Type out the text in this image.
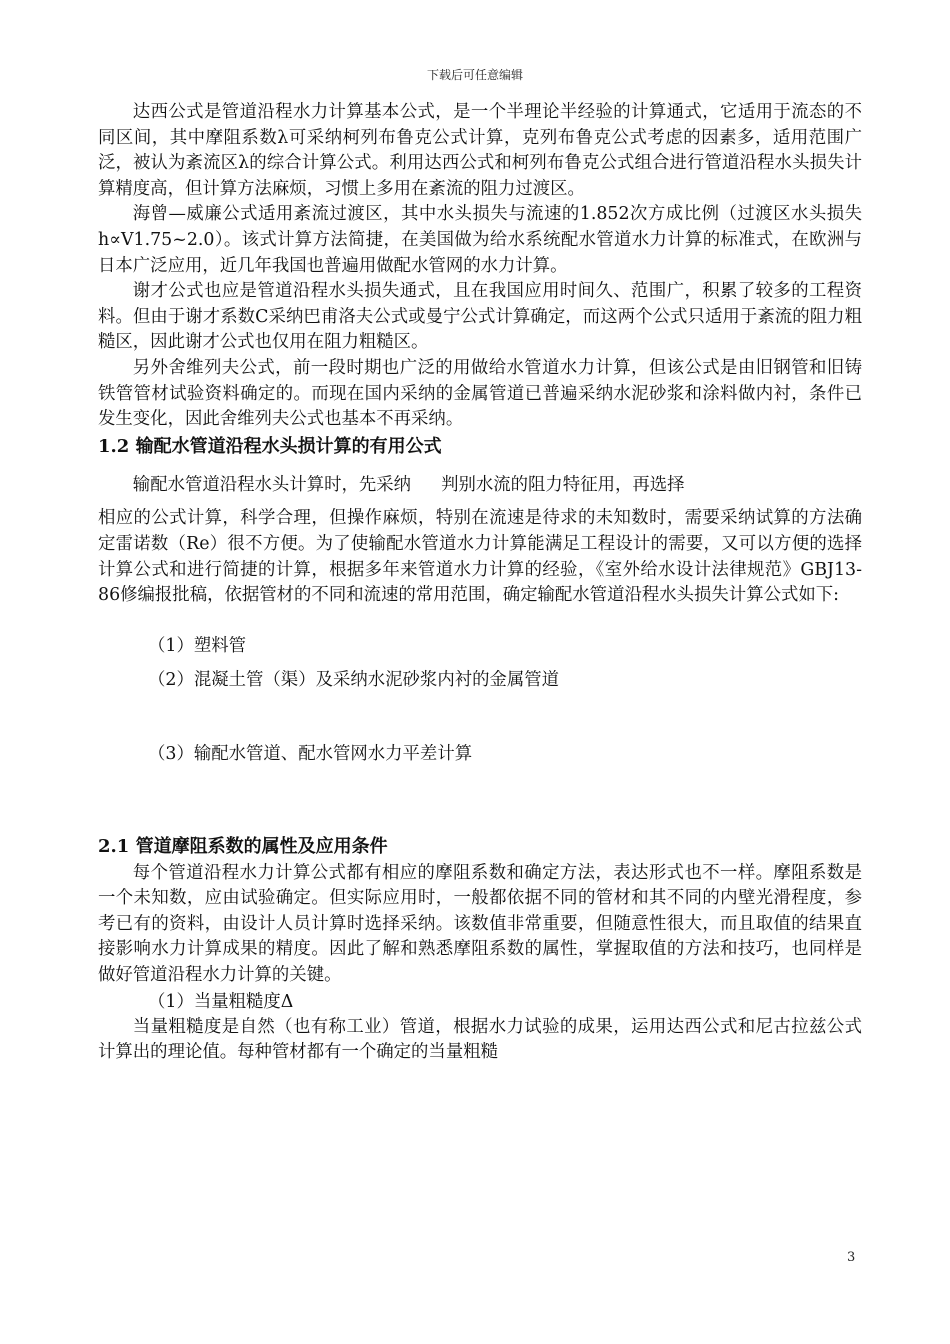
下载后可任意编辑

达西公式是管道沿程水力计算基本公式，是一个半理论半经验的计算通式，它适用于流态的不同区间，其中摩阻系数λ可采纳柯列布鲁克公式计算，克列布鲁克公式考虑的因素多，适用范围广泛，被认为紊流区λ的综合计算公式。利用达西公式和柯列布鲁克公式组合进行管道沿程水头损失计算精度高，但计算方法麻烦，习惯上多用在紊流的阻力过渡区。

海曾—威廉公式适用紊流过渡区，其中水头损失与流速的1.852次方成比例（过渡区水头损失h∝V1.75~2.0）。该式计算方法简捷，在美国做为给水系统配水管道水力计算的标准式，在欧洲与日本广泛应用，近几年我国也普遍用做配水管网的水力计算。

谢才公式也应是管道沿程水头损失通式，且在我国应用时间久、范围广，积累了较多的工程资料。但由于谢才系数C采纳巴甫洛夫公式或曼宁公式计算确定，而这两个公式只适用于紊流的阻力粗糙区，因此谢才公式也仅用在阻力粗糙区。

另外舍维列夫公式，前一段时期也广泛的用做给水管道水力计算，但该公式是由旧钢管和旧铸铁管管材试验资料确定的。而现在国内采纳的金属管道已普遍采纳水泥砂浆和涂料做内衬，条件已发生变化，因此舍维列夫公式也基本不再采纳。

1.2 输配水管道沿程水头损计算的有用公式

输配水管道沿程水头计算时，先采纳 判别水流的阻力特征用，再选择

相应的公式计算，科学合理，但操作麻烦，特别在流速是待求的未知数时，需要采纳试算的方法确定雷诺数（Re）很不方便。为了使输配水管道水力计算能满足工程设计的需要，又可以方便的选择计算公式和进行简捷的计算，根据多年来管道水力计算的经验，《室外给水设计法律规范》GBJ13-86修编报批稿，依据管材的不同和流速的常用范围，确定输配水管道沿程水头损失计算公式如下:

（1）塑料管
（2）混凝土管（渠）及采纳水泥砂浆内衬的金属管道
（3）输配水管道、配水管网水力平差计算
2.1 管道摩阻系数的属性及应用条件

每个管道沿程水力计算公式都有相应的摩阻系数和确定方法，表达形式也不一样。摩阻系数是一个未知数，应由试验确定。但实际应用时，一般都依据不同的管材和其不同的内壁光滑程度，参考已有的资料，由设计人员计算时选择采纳。该数值非常重要，但随意性很大，而且取值的结果直接影响水力计算成果的精度。因此了解和熟悉摩阻系数的属性，掌握取值的方法和技巧，也同样是做好管道沿程水力计算的关键。

（1）当量粗糙度Δ

当量粗糙度是自然（也有称工业）管道，根据水力试验的成果，运用达西公式和尼古拉兹公式计算出的理论值。每种管材都有一个确定的当量粗糙

3
